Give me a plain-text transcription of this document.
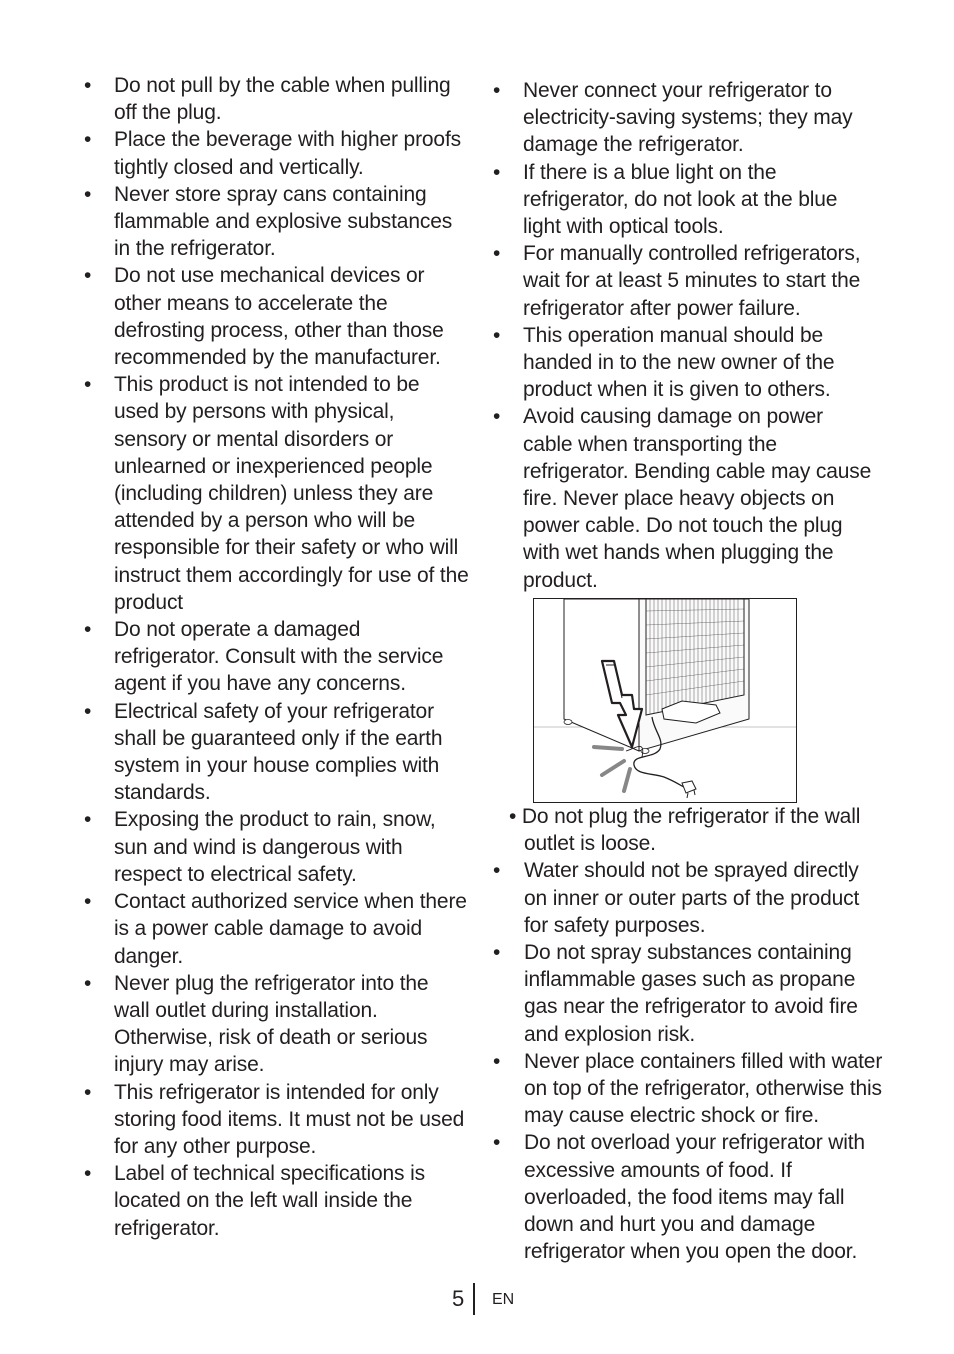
• Do not pull by the cable when pulling off the plug.
• Place the beverage with higher proofs tightly closed and vertically.
• Never store spray cans containing flammable and explosive substances in the refrigerator.
• Do not use mechanical devices or other means to accelerate the defrosting process, other than those recommended by the manufacturer.
• This product is not intended to be used by persons with physical, sensory or mental disorders or unlearned or inexperienced people (including children) unless they are attended by a person who will be responsible for their safety or who will instruct them accordingly for use of the product
• Do not operate a damaged refrigerator. Consult with the service agent if you have any concerns.
• Electrical safety of your refrigerator shall be guaranteed only if the earth system in your house complies with standards.
• Exposing the product to rain, snow, sun and wind is dangerous with respect to electrical safety.
• Contact authorized service when there is a power cable damage to avoid danger.
• Never plug the refrigerator into the wall outlet during installation. Otherwise, risk of death or serious injury may arise.
• This refrigerator is intended for only storing food items. It must not be used for any other purpose.
• Label of technical specifications is located on the left wall inside the refrigerator.
• Never connect your refrigerator to electricity-saving systems; they may damage the refrigerator.
• If there is a blue light on the refrigerator, do not look at the blue light with optical tools.
• For manually controlled refrigerators, wait for at least 5 minutes to start the refrigerator after power failure.
• This operation manual should be handed in to the new owner of the product when it is given to others.
• Avoid causing damage on power cable when transporting the refrigerator. Bending cable may cause fire. Never place heavy objects on power cable. Do not touch the plug with wet hands when plugging the product.
• Do not plug the refrigerator if the wall outlet is loose.
• Water should not be sprayed directly on inner or outer parts of the product for safety purposes.
• Do not spray substances containing inflammable gases such as propane gas near the refrigerator to avoid fire and explosion risk.
• Never place containers filled with water on top of the refrigerator, otherwise this may cause electric shock or fire.
• Do not overload your refrigerator with excessive amounts of food. If overloaded, the food items may fall down and hurt you and damage refrigerator when you open the door.
5 EN
